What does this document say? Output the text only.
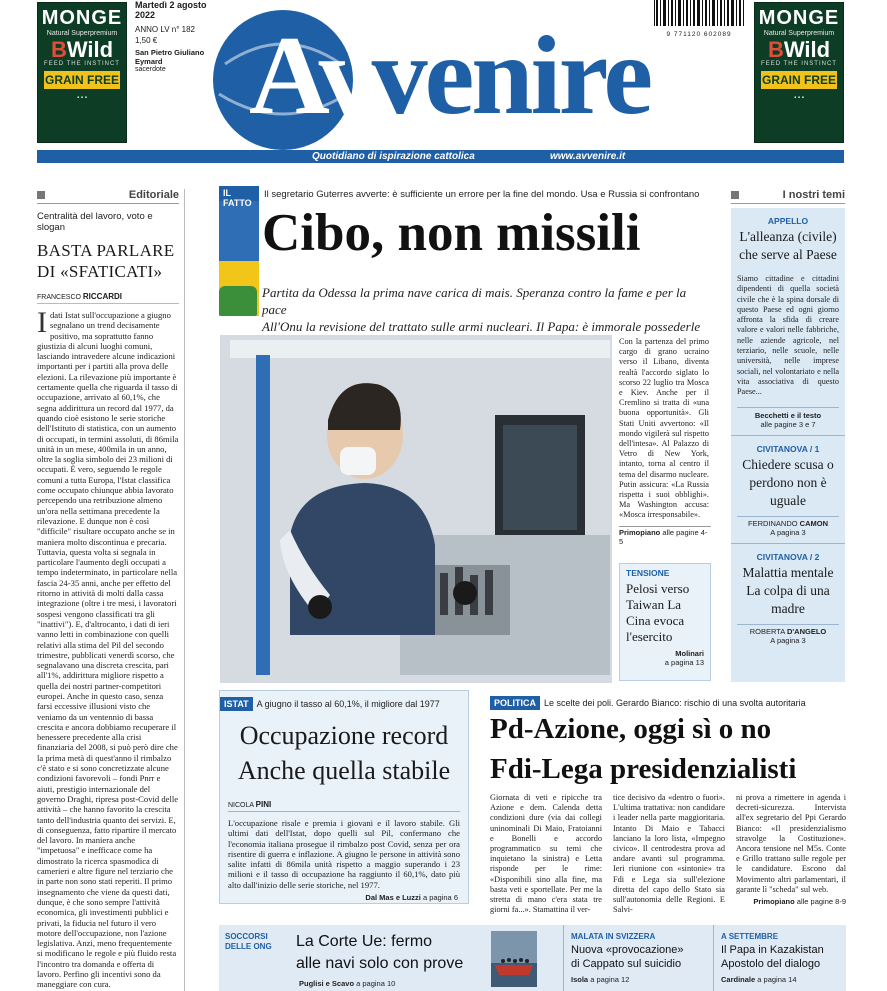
MONGE
Natural Superpremium
BWild
FEED THE INSTINCT
GRAIN FREE
▪ ▪ ▪
MONGE
Natural Superpremium
BWild
FEED THE INSTINCT
GRAIN FREE
▪ ▪ ▪
Martedì 2 agosto 2022
ANNO LV n° 182
1,50 €
San Pietro Giuliano Eymard
sacerdote
9 771120 602089
Avvenire
Quotidiano di ispirazione cattolica	www.avvenire.it
Editoriale
Centralità del lavoro, voto e slogan
BASTA PARLARE
DI «SFATICATI»
FRANCESCO RICCARDI
I dati Istat sull'occupazione a giugno segnalano un trend decisamente positivo, ma soprattutto fanno giustizia di alcuni luoghi comuni, lasciando intravedere alcune indicazioni importanti per i partiti alla prova delle elezioni. La rilevazione più importante è certamente quella che riguarda il tasso di occupazione, arrivato al 60,1%, che segna addirittura un record dal 1977, da quando cioè esistono le serie storiche dell'Istituto di statistica, con un aumento di occupati, in termini assoluti, di 86mila unità in un mese, 400mila in un anno, oltre la soglia simbolo dei 23 milioni di occupati. È vero, seguendo le regole comuni a tutta Europa, l'Istat classifica come occupato chiunque abbia lavorato percependo una retribuzione almeno un'ora nella settimana precedente la rilevazione. E dunque non è così "difficile" risultare occupato anche se in maniera molto discontinua e precaria. Tuttavia, questa volta si segnala in particolare l'aumento degli occupati a tempo indeterminato, in particolare nella fascia 24-35 anni, anche per effetto del ritorno in attività di molti dalla cassa integrazione (oltre i tre mesi, i lavoratori sospesi vengono classificati tra gli "inattivi"). E, d'altrocanto, i dati di ieri vanno letti in combinazione con quelli relativi alla stima del Pil del secondo trimestre, pubblicati venerdì scorso, che segnalavano una discreta crescita, pari all'1%, addirittura migliore rispetto a quella dei nostri partner-competitori europei. Anche in questo caso, senza farsi eccessive illusioni visto che veniamo da un ventennio di bassa crescita e ancora dobbiamo recuperare il benessere precedente alla crisi finanziaria del 2008, si può però dire che la prima metà di quest'anno il rimbalzo c'è stato e si sono concretizzate alcune condizioni favorevoli – fondi Pnrr e aiuti, prestigio internazionale del governo Draghi, ripresa post-Covid delle attività – che hanno favorito la crescita tanto dell'industria quanto dei servizi. E, di conseguenza, fatto ripartire il mercato del lavoro. In maniera anche "impetuosa" e inefficace come ha dimostrato la ricerca spasmodica di camerieri e altre figure nel terziario che in parte non sono stati reperiti. Il primo insegnamento che viene da questi dati, dunque, è che sono sempre l'attività economica, gli investimenti pubblici e privati, la fiducia nel futuro il vero motore dell'occupazione, non l'azione legislativa. Anzi, meno frequentemente si modificano le regole e più fluido resta l'incontro tra domanda e offerta di lavoro. Perfino gli incentivi sono da maneggiare con cura.
IL FATTO
Il segretario Guterres avverte: è sufficiente un errore per la fine del mondo. Usa e Russia si confrontano
Cibo, non missili
Partita da Odessa la prima nave carica di mais. Speranza contro la fame e per la pace
All'Onu la revisione del trattato sulle armi nucleari. Il Papa: è immorale possederle
Con la partenza del primo cargo di grano ucraino verso il Libano, diventa realtà l'accordo siglato lo scorso 22 luglio tra Mosca e Kiev. Anche per il Cremlino si tratta di «una buona opportunità». Gli Stati Uniti avvertono: «Il mondo vigilerà sul rispetto dell'intesa». Al Palazzo di Vetro di New York, intanto, torna al centro il tema del disarmo nucleare. Putin assicura: «La Russia rispetta i suoi obblighi». Ma Washington accusa: «Mosca irresponsabile».
Primopiano alle pagine 4-5
TENSIONE
Pelosi verso Taiwan La Cina evoca l'esercito
Molinari
a pagina 13
I nostri temi
APPELLO
L'alleanza (civile) che serve al Paese
Siamo cittadine e cittadini dipendenti di quella società civile che è la spina dorsale di questo Paese ed ogni giorno affronta la sfida di creare valore e valori nelle fabbriche, nelle aziende agricole, nel terziario, nelle scuole, nelle università, nelle imprese sociali, nel volontariato e nella vita associativa di questo Paese...
Becchetti e il testo
alle pagine 3 e 7
CIVITANOVA / 1
Chiedere scusa o perdono non è uguale
FERDINANDO CAMON
A pagina 3
CIVITANOVA / 2
Malattia mentale La colpa di una madre
ROBERTA D'ANGELO
A pagina 3
ISTAT A giugno il tasso al 60,1%, il migliore dal 1977
Occupazione record
Anche quella stabile
NICOLA PINI
L'occupazione risale e premia i giovani e il lavoro stabile. Gli ultimi dati dell'Istat, dopo quelli sul Pil, confermano che l'economia italiana prosegue il rimbalzo post Covid, senza per ora risentire di guerra e inflazione. A giugno le persone in attività sono salite infatti di 86mila unità rispetto a maggio superando i 23 milioni e il tasso di occupazione ha raggiunto il 60,1%, dato più alto dall'inizio delle serie storiche, nel 1977.
Dal Mas e Luzzi a pagina 6
POLITICA Le scelte dei poli. Gerardo Bianco: rischio di una svolta autoritaria
Pd-Azione, oggi sì o no
Fdi-Lega presidenzialisti
Giornata di veti e ripicche tra Azione e dem. Calenda detta condizioni dure (via dai collegi uninominali Di Maio, Fratoianni e Bonelli e accordo programmatico su temi che inquietano la sinistra) e Letta risponde per le rime: «Disponibili sino alla fine, ma basta veti e sportellate. Per me la stretta di mano c'era stata tre giorni fa...». Stamattina il ver-
tice decisivo da «dentro o fuori». L'ultima trattativa: non candidare i leader nella parte maggioritaria. Intanto Di Maio e Tabacci lanciano la loro lista, «Impegno civico». Il centrodestra prova ad andare avanti sul programma. Ieri riunione con «sintonie» tra Fdi e Lega sia sull'elezione diretta del capo dello Stato sia sull'autonomia delle Regioni. E Salvi-
ni prova a rimettere in agenda i decreti-sicurezza. Intervista all'ex segretario del Ppi Gerardo Bianco: «Il presidenzialismo stravolge la Costituzione». Ancora tensione nel M5s. Conte e Grillo trattano sulle regole per le candidature. Escono dal Movimento altri parlamentari, il garante lì "scheda" sul web.
Primopiano alle pagine 8-9
SOCCORSI
DELLE ONG La Corte Ue: fermo
alle navi solo con prove
Puglisi e Scavo a pagina 10
MALATA IN SVIZZERA
Nuova «provocazione»
di Cappato sul suicidio
Isola a pagina 12
A SETTEMBRE
Il Papa in Kazakistan
Apostolo del dialogo
Cardinale a pagina 14
